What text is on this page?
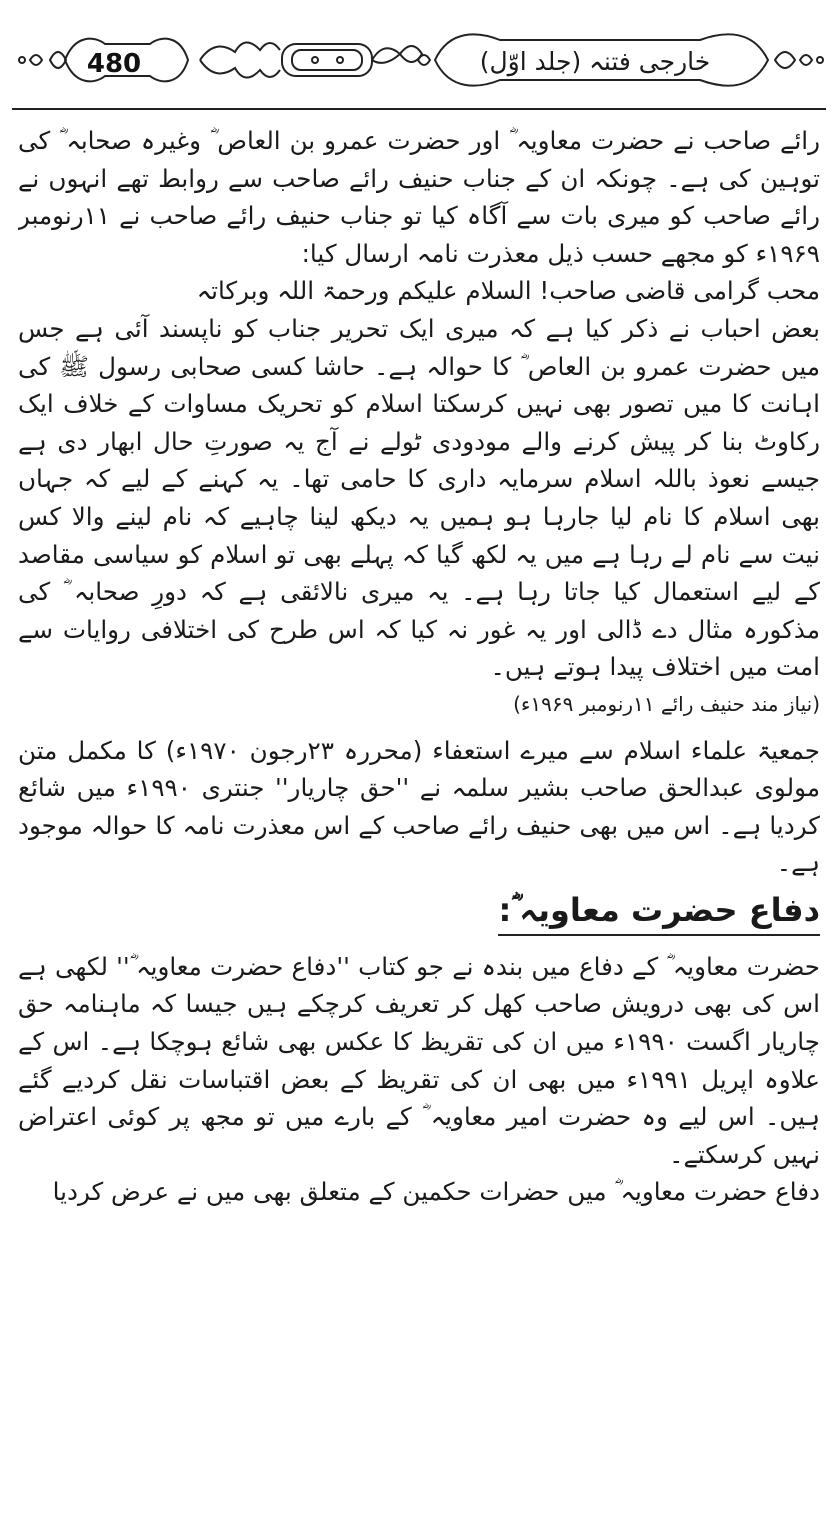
480	خارجی فتنہ (جلد اوّل)

رائے صاحب نے حضرت معاویہ ؓ اور حضرت عمرو بن العاص ؓ وغیرہ صحابہ ؓ کی توہین کی ہے۔ چونکہ ان کے جناب حنیف رائے صاحب سے روابط تھے انہوں نے رائے صاحب کو میری بات سے آگاہ کیا تو جناب حنیف رائے صاحب نے ۱۱رنومبر ۱۹۶۹ء کو مجھے حسب ذیل معذرت نامہ ارسال کیا:

محب گرامی قاضی صاحب! السلام علیکم ورحمۃ اللہ وبرکاتہ

بعض احباب نے ذکر کیا ہے کہ میری ایک تحریر جناب کو ناپسند آئی ہے جس میں حضرت عمرو بن العاص ؓ کا حوالہ ہے۔ حاشا کسی صحابی رسول ﷺ کی اہانت کا میں تصور بھی نہیں کرسکتا اسلام کو تحریک مساوات کے خلاف ایک رکاوٹ بنا کر پیش کرنے والے مودودی ٹولے نے آج یہ صورتِ حال ابھار دی ہے جیسے نعوذ باللہ اسلام سرمایہ داری کا حامی تھا۔ یہ کہنے کے لیے کہ جہاں بھی اسلام کا نام لیا جارہا ہو ہمیں یہ دیکھ لینا چاہیے کہ نام لینے والا کس نیت سے نام لے رہا ہے میں یہ لکھ گیا کہ پہلے بھی تو اسلام کو سیاسی مقاصد کے لیے استعمال کیا جاتا رہا ہے۔ یہ میری نالائقی ہے کہ دورِ صحابہ ؓ کی مذکورہ مثال دے ڈالی اور یہ غور نہ کیا کہ اس طرح کی اختلافی روایات سے امت میں اختلاف پیدا ہوتے ہیں۔

(نیاز مند حنیف رائے ۱۱رنومبر ۱۹۶۹ء)

جمعیۃ علماء اسلام سے میرے استعفاء (محررہ ۲۳رجون ۱۹۷۰ء) کا مکمل متن مولوی عبدالحق صاحب بشیر سلمہ نے ''حق چاریار'' جنتری ۱۹۹۰ء میں شائع کردیا ہے۔ اس میں بھی حنیف رائے صاحب کے اس معذرت نامہ کا حوالہ موجود ہے۔

دفاع حضرت معاویہ ؓ:

حضرت معاویہ ؓ کے دفاع میں بندہ نے جو کتاب ''دفاع حضرت معاویہ ؓ'' لکھی ہے اس کی بھی درویش صاحب کھل کر تعریف کرچکے ہیں جیسا کہ ماہنامہ حق چاریار اگست ۱۹۹۰ء میں ان کی تقریظ کا عکس بھی شائع ہوچکا ہے۔ اس کے علاوہ اپریل ۱۹۹۱ء میں بھی ان کی تقریظ کے بعض اقتباسات نقل کردیے گئے ہیں۔ اس لیے وہ حضرت امیر معاویہ ؓ کے بارے میں تو مجھ پر کوئی اعتراض نہیں کرسکتے۔

دفاع حضرت معاویہ ؓ میں حضرات حکمین کے متعلق بھی میں نے عرض کردیا
